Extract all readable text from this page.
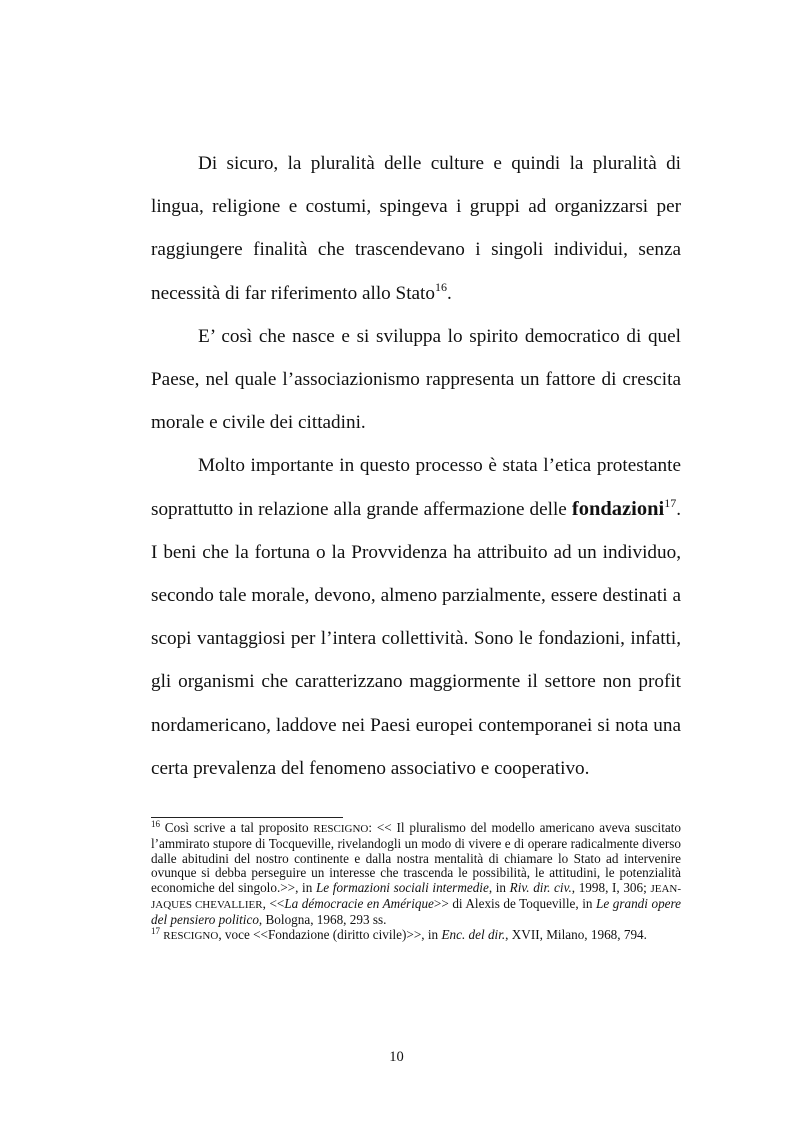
Di sicuro, la pluralità delle culture e quindi la pluralità di lingua, religione e costumi, spingeva i gruppi ad organizzarsi per raggiungere finalità che trascendevano i singoli individui, senza necessità di far riferimento allo Stato$^{16}$.

E’ così che nasce e si sviluppa lo spirito democratico di quel Paese, nel quale l’associazionismo rappresenta un fattore di crescita morale e civile dei cittadini.

Molto importante in questo processo è stata l’etica protestante soprattutto in relazione alla grande affermazione delle fondazioni$^{17}$. I beni che la fortuna o la Provvidenza ha attribuito ad un individuo, secondo tale morale, devono, almeno parzialmente, essere destinati a scopi vantaggiosi per l’intera collettività. Sono le fondazioni, infatti, gli organismi che caratterizzano maggiormente il settore non profit nordamericano, laddove nei Paesi europei contemporanei si nota una certa prevalenza del fenomeno associativo e cooperativo.

$^{16}$ Così scrive a tal proposito RESCIGNO: << Il pluralismo del modello americano aveva suscitato l’ammirato stupore di Tocqueville, rivelandogli un modo di vivere e di operare radicalmente diverso dalle abitudini del nostro continente e dalla nostra mentalità di chiamare lo Stato ad intervenire ovunque si debba perseguire un interesse che trascenda le possibilità, le attitudini, le potenzialità economiche del singolo.>>, in Le formazioni sociali intermedie, in Riv. dir. civ., 1998, I, 306; JEAN-JAQUES CHEVALLIER, <<La démocracie en Amérique>> di Alexis de Toqueville, in Le grandi opere del pensiero politico, Bologna, 1968, 293 ss.

$^{17}$ RESCIGNO, voce <<Fondazione (diritto civile)>>, in Enc. del dir., XVII, Milano, 1968, 794.

10
